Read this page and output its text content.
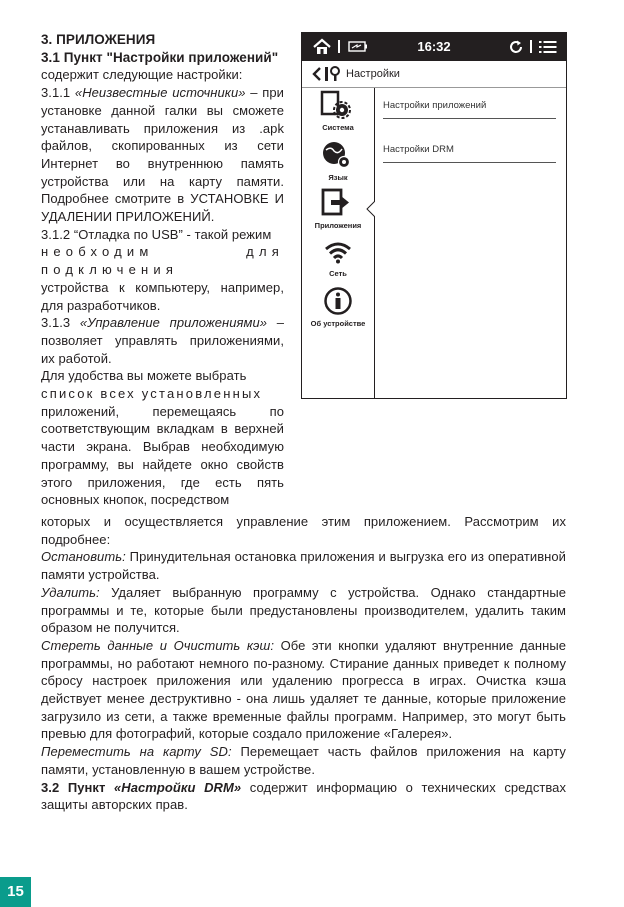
3. ПРИЛОЖЕНИЯ

3.1 Пункт "Настройки приложений"

содержит следующие настройки:

3.1.1 «Неизвестные источники» – при установке данной галки вы сможете устанавливать приложения из .apk файлов, скопированных из сети Интернет во внутреннюю память устройства или на карту памяти. Подробнее смотрите в УСТАНОВКЕ И УДАЛЕНИИ ПРИЛОЖЕНИЙ.

3.1.2 “Отладка по USB” - такой режим
необходим для подключения
устройства к компьютеру, например, для разработчиков.

3.1.3 «Управление приложениями» – позволяет управлять приложениями, их работой.

Для удобства вы можете выбрать
список всех установленных
приложений, перемещаясь по соответствующим вкладкам в верхней части экрана. Выбрав необходимую программу, вы найдете окно свойств этого приложения, где есть пять основных кнопок, посредством

которых и осуществляется управление этим приложением. Рассмотрим их подробнее:

Остановить: Принудительная остановка приложения и выгрузка его из оперативной памяти устройства.

Удалить: Удаляет выбранную программу с устройства. Однако стандартные программы и те, которые были предустановлены производителем, удалить таким образом не получится.

Стереть данные и Очистить кэш: Обе эти кнопки удаляют внутренние данные программы, но работают немного по-разному. Стирание данных приведет к полному сбросу настроек приложения или удалению прогресса в играх. Очистка кэша действует менее деструктивно - она лишь удаляет те данные, которые приложение загрузило из сети, а также временные файлы программ. Например, это могут быть превью для фотографий, которые создало приложение «Галерея».

Переместить на карту SD: Перемещает часть файлов приложения на карту памяти, установленную в вашем устройстве.

3.2 Пункт «Настройки DRM» содержит информацию о технических средствах защиты авторских прав.

16:32
Настройки
Система
Язык
Приложения
Сеть
Об устройстве
Настройки приложений
Настройки DRM
15
